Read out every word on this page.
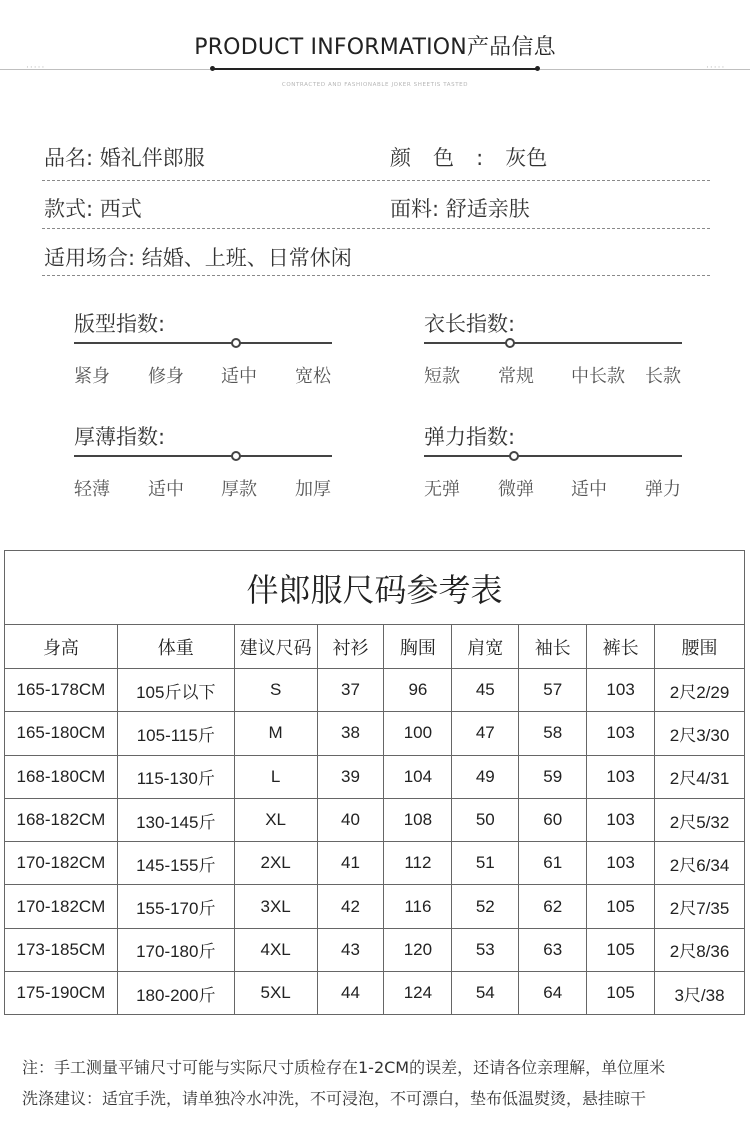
PRODUCT INFORMATION产品信息
·····	·····
CONTRACTED AND FASHIONABLE JOKER SHEETIS TASTED
品名: 婚礼伴郎服	颜色:灰色
款式: 西式	面料: 舒适亲肤
适用场合: 结婚、上班、日常休闲
版型指数:
紧身 修身 适中 宽松
衣长指数:
短款 常规 中长款 长款
厚薄指数:
轻薄 适中 厚款 加厚
弹力指数:
无弹 微弹 适中 弹力
伴郎服尺码参考表								
身高	体重	建议尺码	衬衫	胸围	肩宽	袖长	裤长	腰围
165-178CM	105斤以下	S	37	96	45	57	103	2尺2/29
165-180CM	105-115斤	M	38	100	47	58	103	2尺3/30
168-180CM	115-130斤	L	39	104	49	59	103	2尺4/31
168-182CM	130-145斤	XL	40	108	50	60	103	2尺5/32
170-182CM	145-155斤	2XL	41	112	51	61	103	2尺6/34
170-182CM	155-170斤	3XL	42	116	52	62	105	2尺7/35
173-185CM	170-180斤	4XL	43	120	53	63	105	2尺8/36
175-190CM	180-200斤	5XL	44	124	54	64	105	3尺/38
注：手工测量平铺尺寸可能与实际尺寸质检存在1-2CM的误差，还请各位亲理解，单位厘米
洗涤建议：适宜手洗，请单独冷水冲洗，不可浸泡，不可漂白，垫布低温熨烫，悬挂晾干
